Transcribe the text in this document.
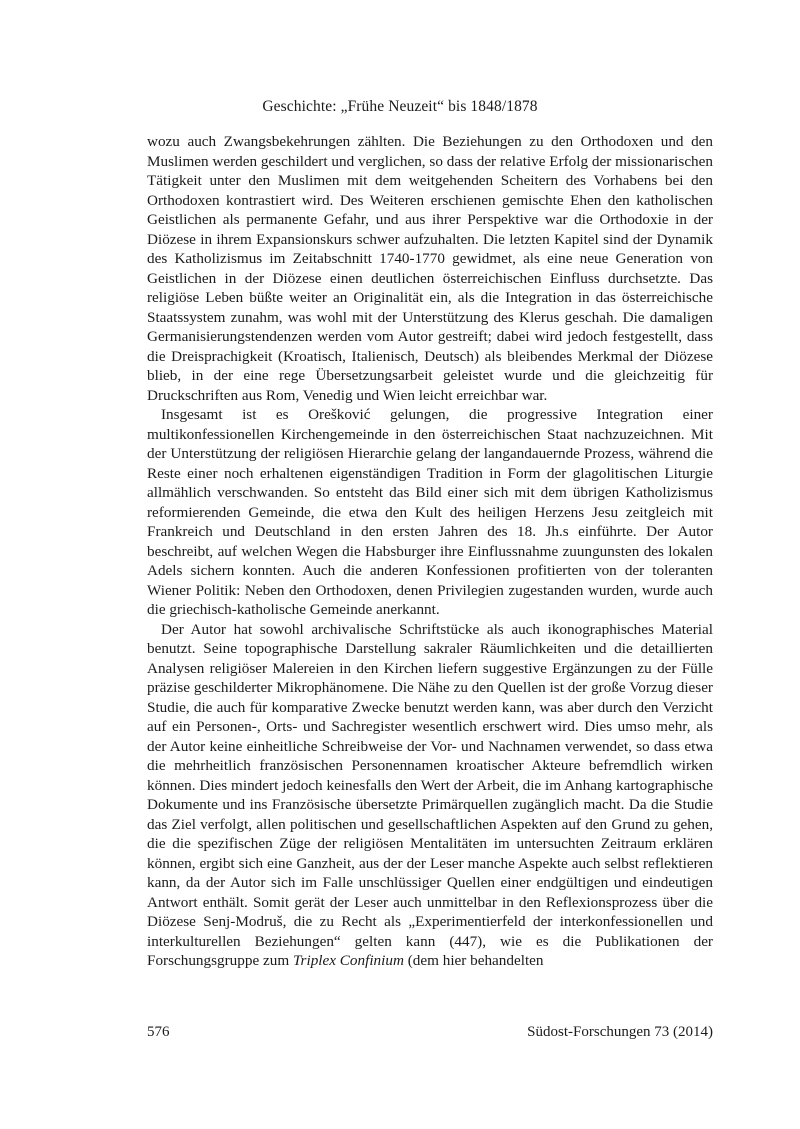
Geschichte: „Frühe Neuzeit“ bis 1848/1878

wozu auch Zwangsbekehrungen zählten. Die Beziehungen zu den Orthodoxen und den Muslimen werden geschildert und verglichen, so dass der relative Erfolg der missionarischen Tätigkeit unter den Muslimen mit dem weitgehenden Scheitern des Vorhabens bei den Orthodoxen kontrastiert wird. Des Weiteren erschienen gemischte Ehen den katholischen Geistlichen als permanente Gefahr, und aus ihrer Perspektive war die Orthodoxie in der Diözese in ihrem Expansionskurs schwer aufzuhalten. Die letzten Kapitel sind der Dynamik des Katholizismus im Zeitabschnitt 1740-1770 gewidmet, als eine neue Generation von Geistlichen in der Diözese einen deutlichen österreichischen Einfluss durchsetzte. Das religiöse Leben büßte weiter an Originalität ein, als die Integration in das österreichische Staatssystem zunahm, was wohl mit der Unterstützung des Klerus geschah. Die damaligen Germanisierungstendenzen werden vom Autor gestreift; dabei wird jedoch festgestellt, dass die Dreisprachigkeit (Kroatisch, Italienisch, Deutsch) als bleibendes Merkmal der Diözese blieb, in der eine rege Übersetzungsarbeit geleistet wurde und die gleichzeitig für Druckschriften aus Rom, Venedig und Wien leicht erreichbar war.

Insgesamt ist es Orešković gelungen, die progressive Integration einer multikonfessionellen Kirchengemeinde in den österreichischen Staat nachzuzeichnen. Mit der Unterstützung der religiösen Hierarchie gelang der langandauernde Prozess, während die Reste einer noch erhaltenen eigenständigen Tradition in Form der glagolitischen Liturgie allmählich verschwanden. So entsteht das Bild einer sich mit dem übrigen Katholizismus reformierenden Gemeinde, die etwa den Kult des heiligen Herzens Jesu zeitgleich mit Frankreich und Deutschland in den ersten Jahren des 18. Jh.s einführte. Der Autor beschreibt, auf welchen Wegen die Habsburger ihre Einflussnahme zuungunsten des lokalen Adels sichern konnten. Auch die anderen Konfessionen profitierten von der toleranten Wiener Politik: Neben den Orthodoxen, denen Privilegien zugestanden wurden, wurde auch die griechisch-katholische Gemeinde anerkannt.

Der Autor hat sowohl archivalische Schriftstücke als auch ikonographisches Material benutzt. Seine topographische Darstellung sakraler Räumlichkeiten und die detaillierten Analysen religiöser Malereien in den Kirchen liefern suggestive Ergänzungen zu der Fülle präzise geschilderter Mikrophänomene. Die Nähe zu den Quellen ist der große Vorzug dieser Studie, die auch für komparative Zwecke benutzt werden kann, was aber durch den Verzicht auf ein Personen-, Orts- und Sachregister wesentlich erschwert wird. Dies umso mehr, als der Autor keine einheitliche Schreibweise der Vor- und Nachnamen verwendet, so dass etwa die mehrheitlich französischen Personennamen kroatischer Akteure befremdlich wirken können. Dies mindert jedoch keinesfalls den Wert der Arbeit, die im Anhang kartographische Dokumente und ins Französische übersetzte Primärquellen zugänglich macht. Da die Studie das Ziel verfolgt, allen politischen und gesellschaftlichen Aspekten auf den Grund zu gehen, die die spezifischen Züge der religiösen Mentalitäten im untersuchten Zeitraum erklären können, ergibt sich eine Ganzheit, aus der der Leser manche Aspekte auch selbst reflektieren kann, da der Autor sich im Falle unschlüssiger Quellen einer endgültigen und eindeutigen Antwort enthält. Somit gerät der Leser auch unmittelbar in den Reflexionsprozess über die Diözese Senj-Modruš, die zu Recht als „Experimentierfeld der interkonfessionellen und interkulturellen Beziehungen“ gelten kann (447), wie es die Publikationen der Forschungsgruppe zum Triplex Confinium (dem hier behandelten

576	Südost-Forschungen 73 (2014)
